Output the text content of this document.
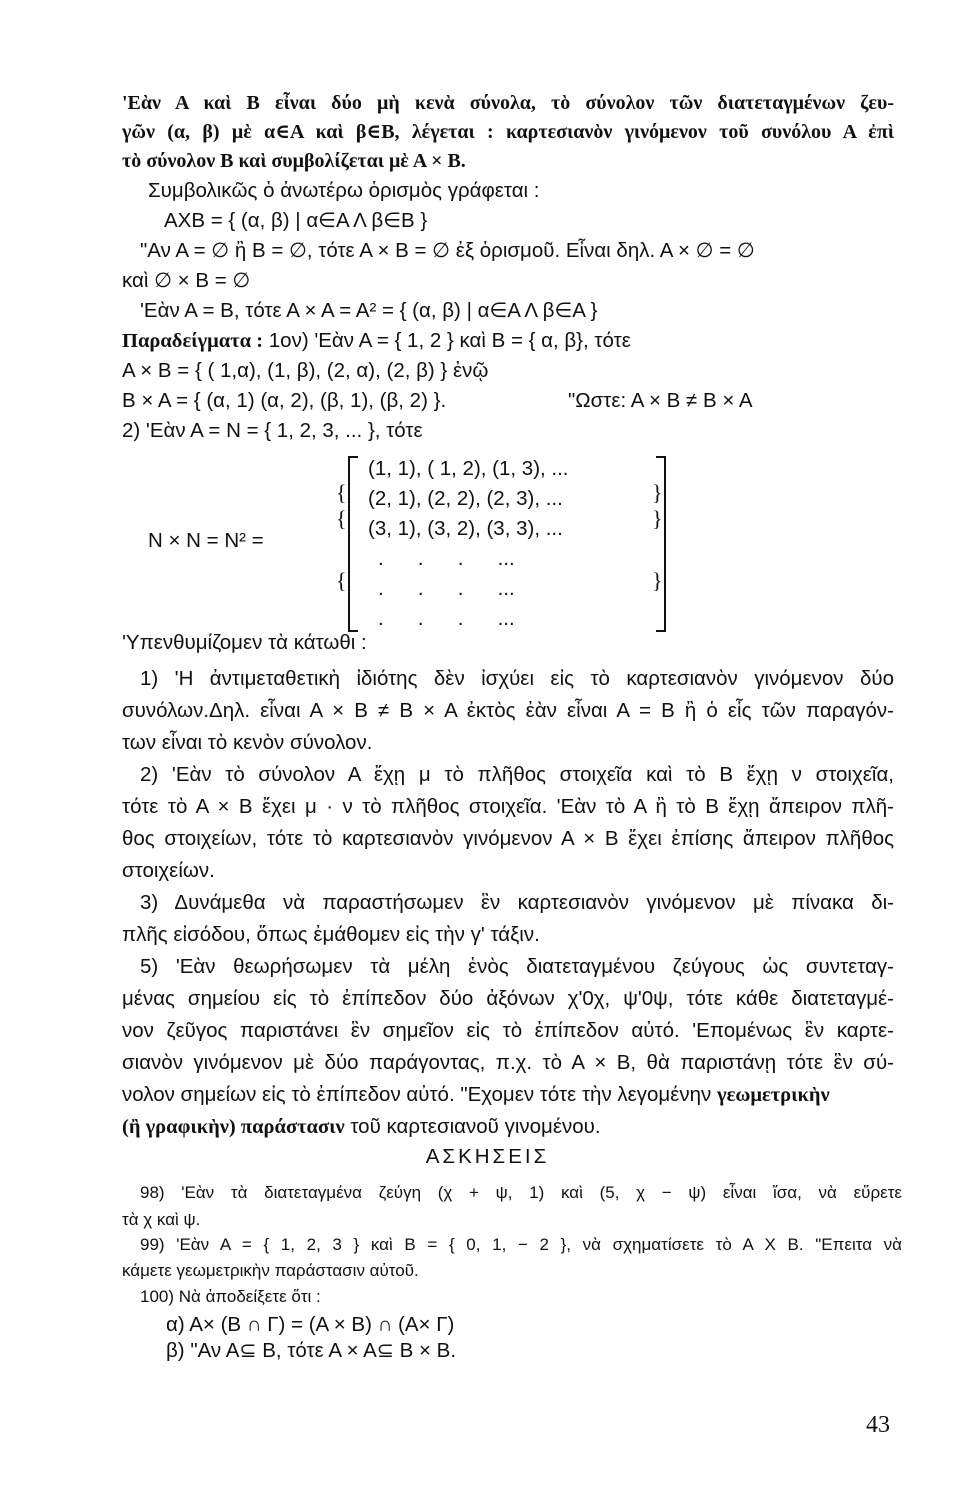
'Εὰν Α καὶ Β εἶναι δύο μὴ κενὰ σύνολα, τὸ σύνολον τῶν διατεταγμένων ζευ-
γῶν (α, β) μὲ α∈Α καὶ β∈Β, λέγεται : καρτεσιανὸν γινόμενον τοῦ συνόλου Α ἐπὶ
τὸ σύνολον Β καὶ συμβολίζεται μὲ Α × Β.
Συμβολικῶς ὁ ἀνωτέρω ὁρισμὸς γράφεται :
ΑΧΒ = { (α, β) | α∈Α Λ β∈Β }
"Αν Α = ∅ ἢ Β = ∅, τότε Α × Β = ∅ ἐξ ὁρισμοῦ. Εἶναι δηλ. Α × ∅ = ∅
καὶ ∅ × Β = ∅
'Εὰν Α = Β, τότε Α × Α = Α² = { (α, β) | α∈Α Λ β∈Α }
Παραδείγματα : 1ον) 'Εὰν Α = { 1, 2 } καὶ Β = { α, β}, τότε
Α × Β = { ( 1,α), (1, β), (2, α), (2, β) } ἐνῷ
Β × Α = { (α, 1) (α, 2), (β, 1), (β, 2) }.	"Ωστε: Α × Β ≠ Β × Α
2) 'Εὰν Α = Ν = { 1, 2, 3, ... }, τότε
Ν × Ν = Ν² =
{
{
{
}
}
}
(1, 1), ( 1, 2), (1, 3), ...
(2, 1), (2, 2), (2, 3), ...
(3, 1), (3, 2), (3, 3), ...
.      .      .      ...
.      .      .      ...
.      .      .      ...
'Υπενθυμίζομεν τὰ κάτωθι :
1) 'Η ἀντιμεταθετικὴ ἰδιότης δὲν ἰσχύει εἰς τὸ καρτεσιανὸν γινόμενον δύο
συνόλων.Δηλ. εἶναι Α × Β ≠ Β × Α ἐκτὸς ἐὰν εἶναι Α = Β ἢ ὁ εἷς τῶν παραγόν-
των εἶναι τὸ κενὸν σύνολον.
2) 'Εὰν τὸ σύνολον Α ἔχῃ μ τὸ πλῆθος στοιχεῖα καὶ τὸ Β ἔχῃ ν στοιχεῖα,
τότε τὸ Α × Β ἔχει μ · ν τὸ πλῆθος στοιχεῖα. 'Εὰν τὸ Α ἢ τὸ Β ἔχῃ ἄπειρον πλῆ-
θος στοιχείων, τότε τὸ καρτεσιανὸν γινόμενον Α × Β ἔχει ἐπίσης ἄπειρον πλῆθος
στοιχείων.
3) Δυνάμεθα νὰ παραστήσωμεν ἓν καρτεσιανὸν γινόμενον μὲ πίνακα δι-
πλῆς εἰσόδου, ὅπως ἐμάθομεν εἰς τὴν γ' τάξιν.
5) 'Εὰν θεωρήσωμεν τὰ μέλη ἑνὸς διατεταγμένου ζεύγους ὡς συντεταγ-
μένας σημείου εἰς τὸ ἐπίπεδον δύο ἀξόνων χ'0χ, ψ'0ψ, τότε κάθε διατεταγμέ-
νον ζεῦγος παριστάνει ἓν σημεῖον εἰς τὸ ἐπίπεδον αὐτό. 'Επομένως ἓν καρτε-
σιανὸν γινόμενον μὲ δύο παράγοντας, π.χ. τὸ Α × Β, θὰ παριστάνῃ τότε ἓν σύ-
νολον σημείων εἰς τὸ ἐπίπεδον αὐτό. "Εχομεν τότε τὴν λεγομένην γεωμετρικὴν
(ἢ γραφικὴν) παράστασιν τοῦ καρτεσιανοῦ γινομένου.
ΑΣΚΗΣΕΙΣ
98) 'Εὰν τὰ διατεταγμένα ζεύγη (χ + ψ, 1) καὶ (5, χ − ψ) εἶναι ἴσα, νὰ εὕρετε
τὰ χ καὶ ψ.
99) 'Εὰν Α = { 1, 2, 3 } καὶ Β = { 0, 1, − 2 }, νὰ σχηματίσετε τὸ Α Χ Β. "Επειτα νὰ
κάμετε γεωμετρικὴν παράστασιν αὐτοῦ.
100) Νὰ ἀποδείξετε ὅτι :
α) Α× (Β ∩ Γ) = (Α × Β) ∩ (Α× Γ)
β) "Αν Α⊆ Β, τότε Α × Α⊆ Β × Β.
43
